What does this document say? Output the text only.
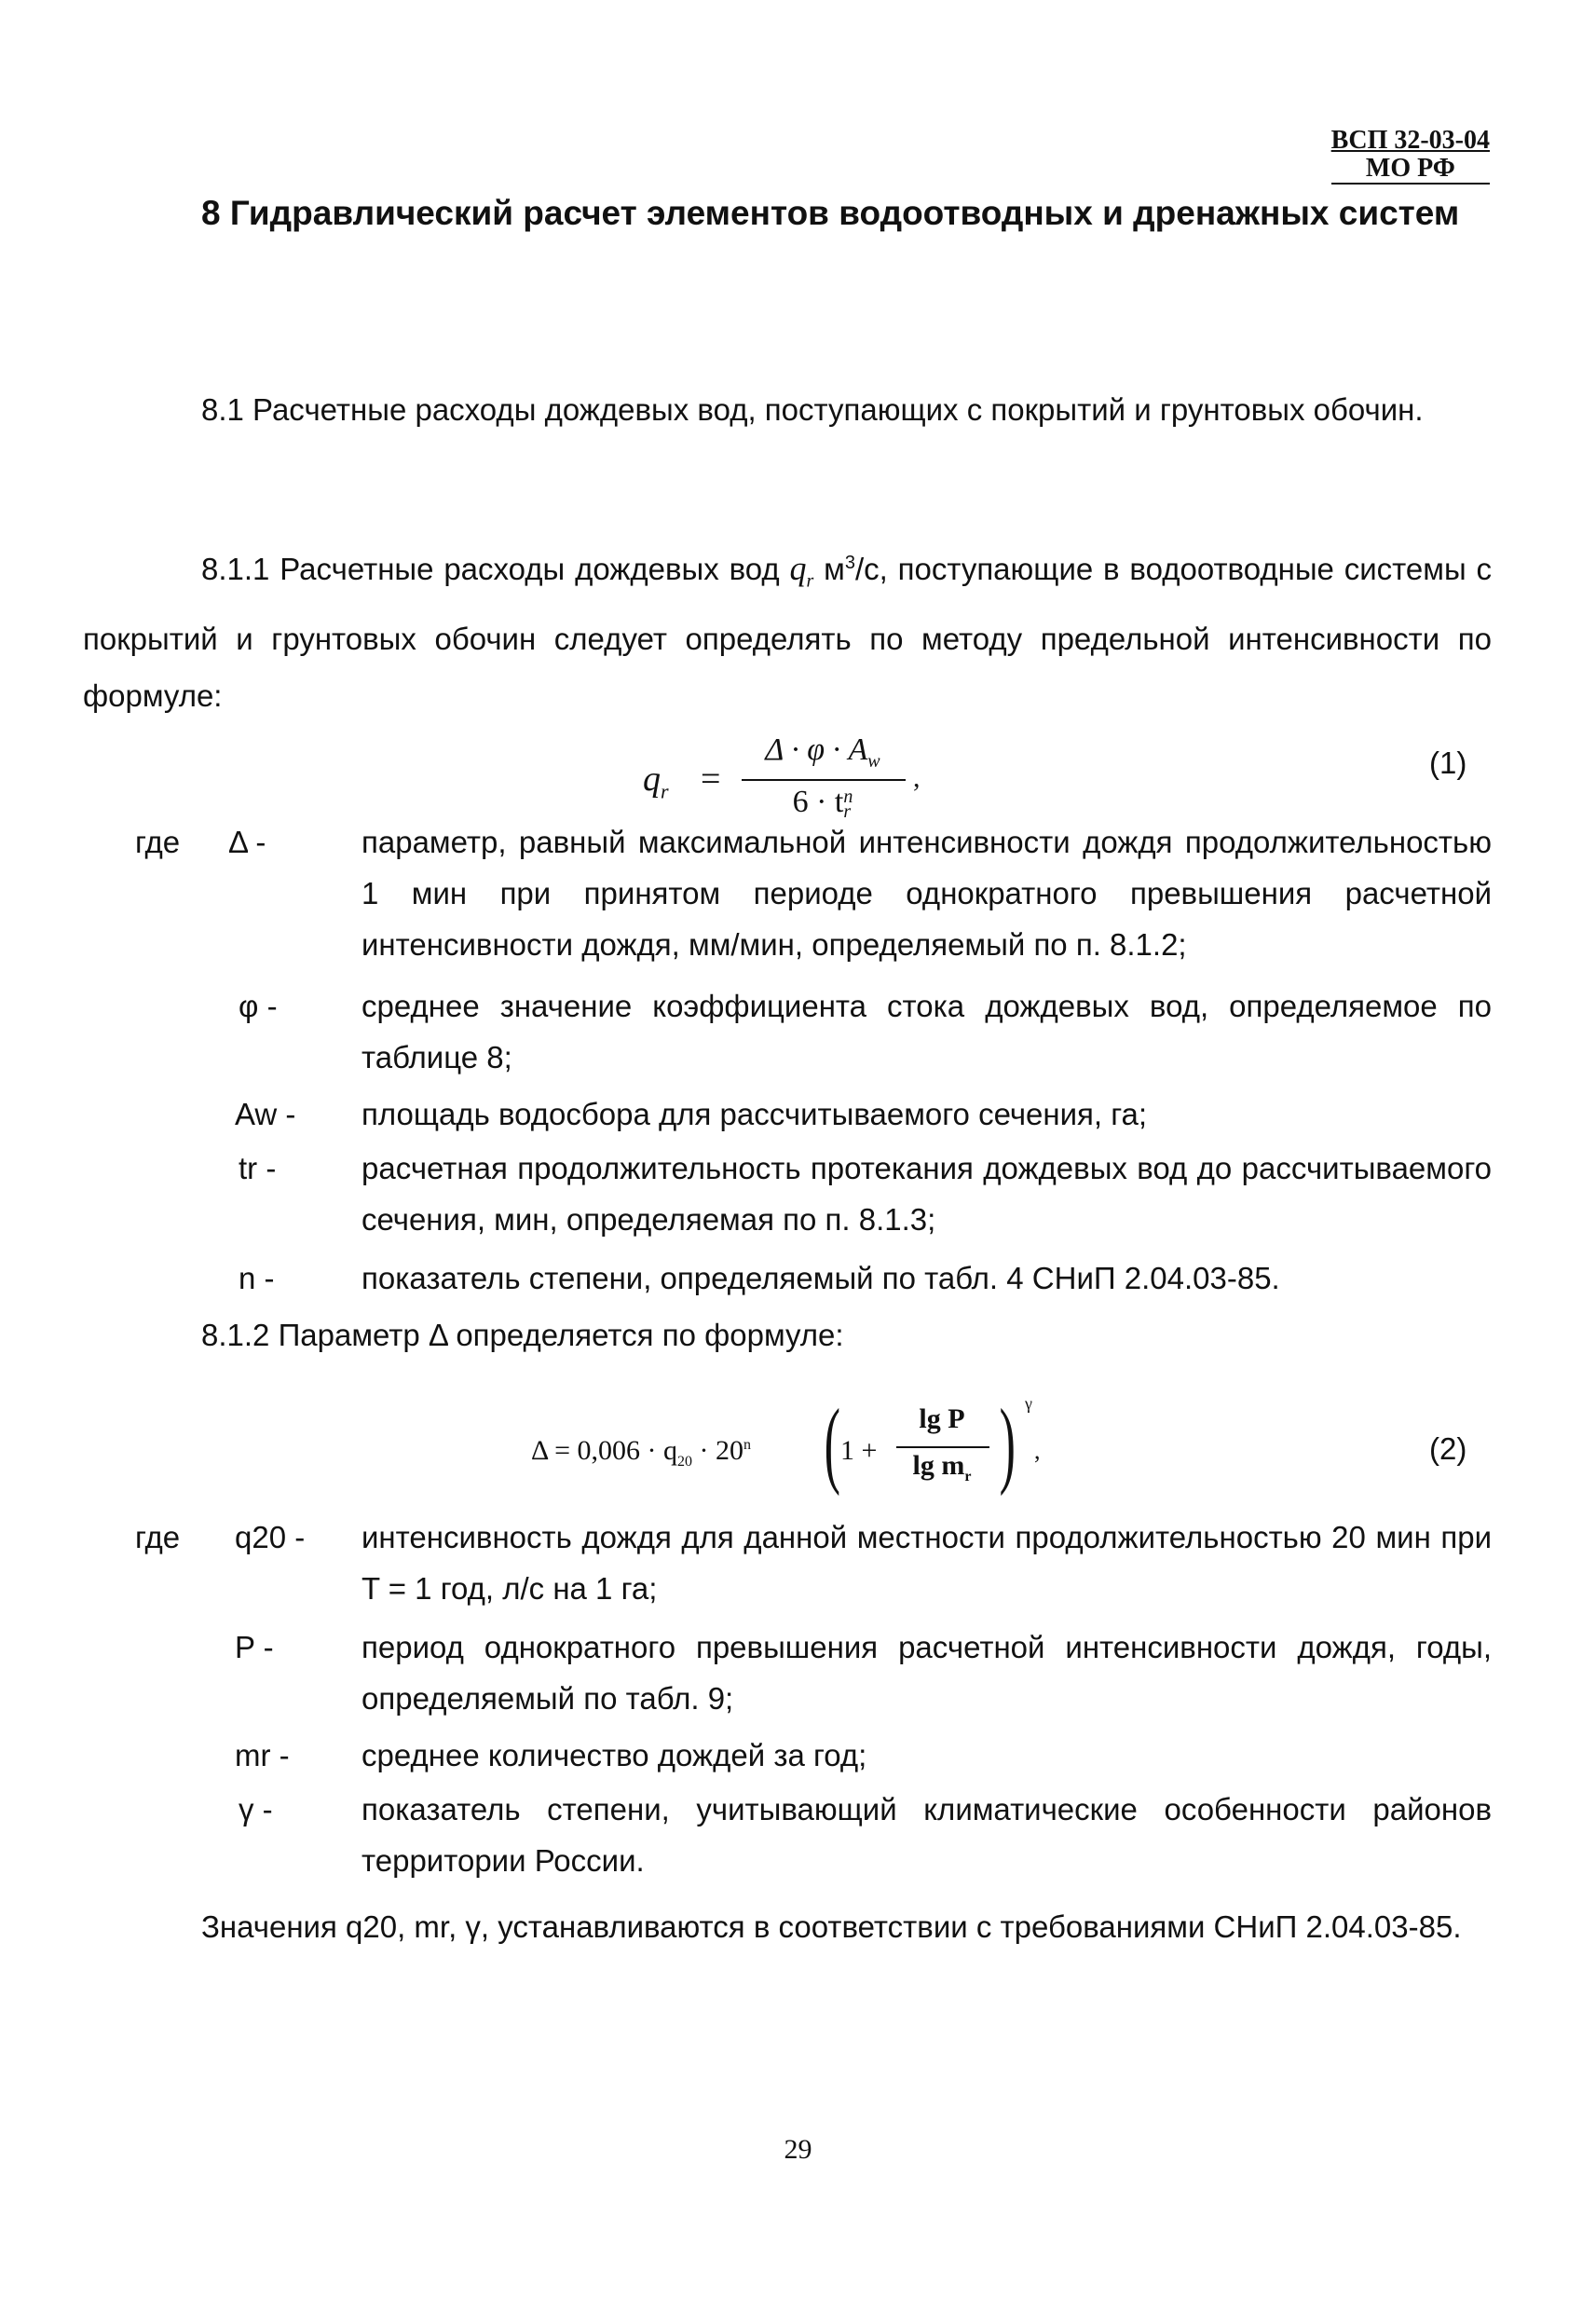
ВСП 32-03-04
МО РФ
8 Гидравлический расчет элементов водоотводных и дренажных систем
8.1 Расчетные расходы дождевых вод, поступающих с покрытий и грунтовых обочин.
8.1.1 Расчетные расходы дождевых вод $q_r$ $м^3/с$, поступающие в водоотводные системы с покрытий и грунтовых обочин следует определять по методу предельной интенсивности по формуле:
$q_r$ =
$\Delta \cdot \varphi \cdot A_w$
6 · t n
r
,	(1)
где Δ -	параметр, равный максимальной интенсивности дождя продолжительностью 1 мин при принятом периоде однократного превышения расчетной интенсивности дождя, мм/мин, определяемый по п. 8.1.2;
φ -	среднее значение коэффициента стока дождевых вод, определяемое по таблице 8;
Aw - площадь водосбора для рассчитываемого сечения, га;
tr -	расчетная продолжительность протекания дождевых вод до рассчитываемого сечения, мин, определяемая по п. 8.1.3;
n -	показатель степени, определяемый по табл. 4 СНиП 2.04.03-85.
8.1.2 Параметр Δ определяется по формуле:
$\Delta = 0,006 \cdot q_{20} \cdot 20^n$ ( 1 +
lg P
$\lg m_r$ ) γ
,	(2)
где q20 - интенсивность дождя для данной местности продолжительностью 20 мин при T = 1 год, л/с на 1 га;
P -	период однократного превышения расчетной интенсивности дождя, годы, определяемый по табл. 9;
mr - среднее количество дождей за год;
γ -	показатель степени, учитывающий климатические особенности районов территории России.
Значения q20, mr, γ, устанавливаются в соответствии с требованиями СНиП 2.04.03-85.
29
